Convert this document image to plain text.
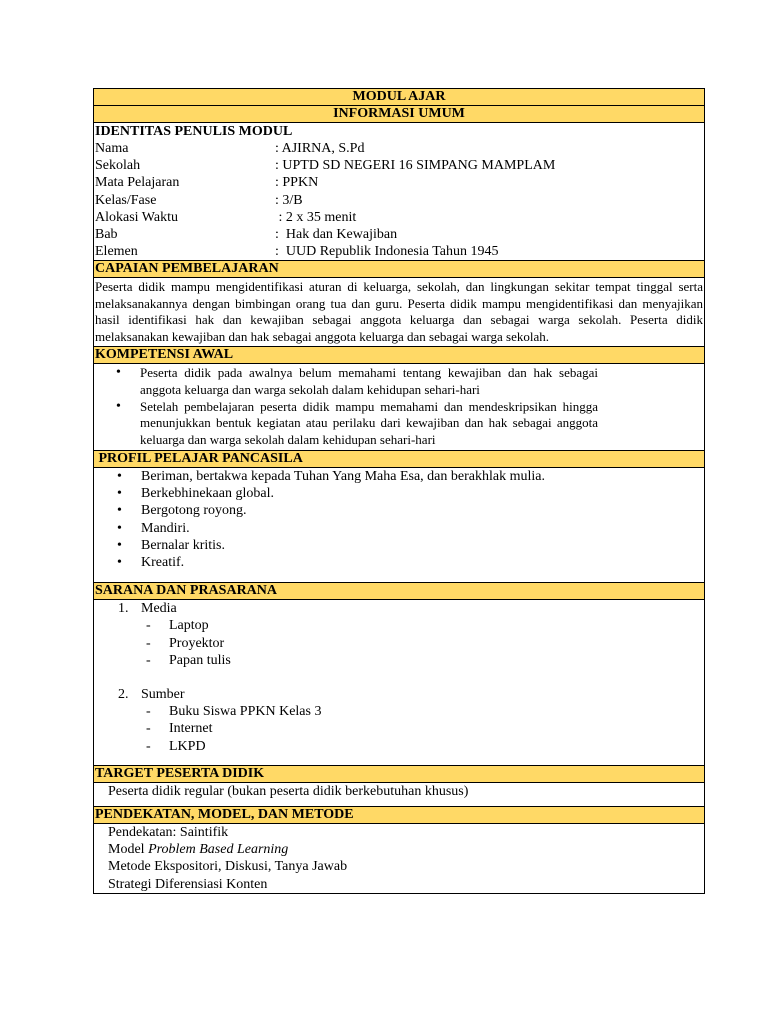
MODUL AJAR
INFORMASI UMUM
IDENTITAS PENULIS MODUL
Nama	: AJIRNA, S.Pd
Sekolah	: UPTD SD NEGERI 16 SIMPANG MAMPLAM
Mata Pelajaran	: PPKN
Kelas/Fase	: 3/B
Alokasi Waktu	: 2 x 35 menit
Bab	:  Hak dan Kewajiban
Elemen	:  UUD Republik Indonesia Tahun 1945
CAPAIAN PEMBELAJARAN
Peserta didik mampu mengidentifikasi aturan di keluarga, sekolah, dan lingkungan sekitar tempat tinggal serta melaksanakannya dengan bimbingan orang tua dan guru. Peserta didik mampu mengidentifikasi dan menyajikan hasil identifikasi hak dan kewajiban sebagai anggota keluarga dan sebagai warga sekolah. Peserta didik melaksanakan kewajiban dan hak sebagai anggota keluarga dan sebagai warga sekolah.
KOMPETENSI AWAL
• Peserta didik pada awalnya belum memahami tentang kewajiban dan hak sebagai anggota keluarga dan warga sekolah dalam kehidupan sehari-hari
• Setelah pembelajaran peserta didik mampu memahami dan mendeskripsikan hingga menunjukkan bentuk kegiatan atau perilaku dari kewajiban dan hak sebagai anggota keluarga dan warga sekolah dalam kehidupan sehari-hari
PROFIL PELAJAR PANCASILA
• Beriman, bertakwa kepada Tuhan Yang Maha Esa, dan berakhlak mulia.
• Berkebhinekaan global.
• Bergotong royong.
• Mandiri.
• Bernalar kritis.
• Kreatif.
SARANA DAN PRASARANA
1. Media
- Laptop
- Proyektor
- Papan tulis
2. Sumber
- Buku Siswa PPKN Kelas 3
- Internet
- LKPD
TARGET PESERTA DIDIK
Peserta didik regular (bukan peserta didik berkebutuhan khusus)
PENDEKATAN, MODEL, DAN METODE
Pendekatan: Saintifik
Model Problem Based Learning
Metode Ekspositori, Diskusi, Tanya Jawab
Strategi Diferensiasi Konten
